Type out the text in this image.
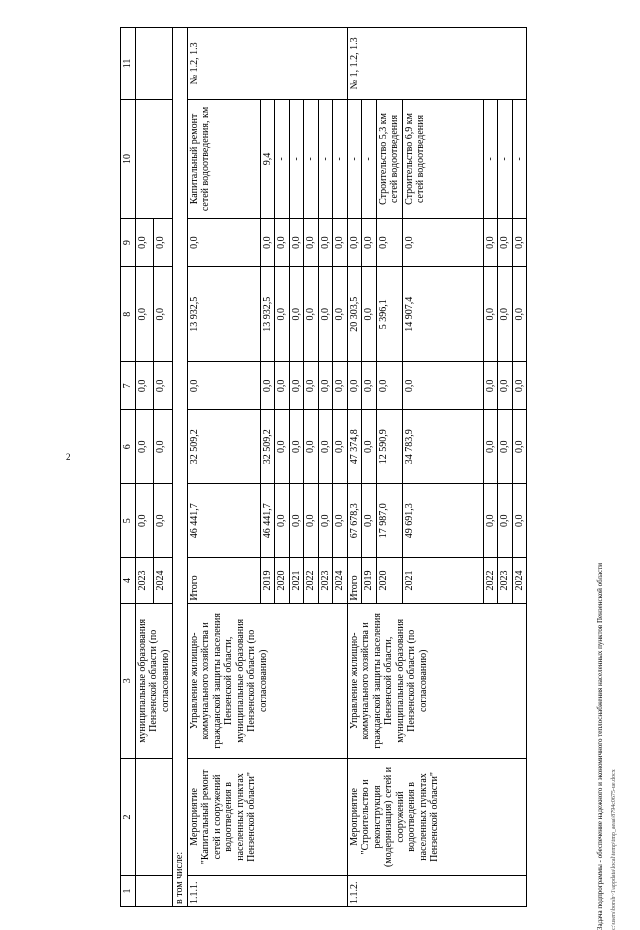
2
1	2	3	4	5	6	7	8	9	10	11
		муниципальные образования Пензенской области (по согласованию)	2023	0,0	0,0	0,0	0,0	0,0		
			2024	0,0	0,0	0,0	0,0	0,0		
в том числе:										
1.1.1.	Мероприятие "Капитальный ремонт сетей и сооружений водоотведения в населенных пунктах Пензенской области"	Управление жилищно-коммунального хозяйства и гражданской защиты населения Пензенской области, муниципальные образования Пензенской области (по согласованию)	Итого	46 441,7	32 509,2	0,0	13 932,5	0,0	Капитальный ремонт сетей водоотведения, км	№ 1.2, 1.3
			2019	46 441,7	32 509,2	0,0	13 932,5	0,0	9,4	
			2020	0,0	0,0	0,0	0,0	0,0	-	
			2021	0,0	0,0	0,0	0,0	0,0	-	
			2022	0,0	0,0	0,0	0,0	0,0	-	
			2023	0,0	0,0	0,0	0,0	0,0	-	
			2024	0,0	0,0	0,0	0,0	0,0	-	
1.1.2.	Мероприятие "Строительство и реконструкция (модернизация) сетей и сооружений водоотведения в населенных пунктах Пензенской области"	Управление жилищно-коммунального хозяйства и гражданской защиты населения Пензенской области, муниципальные образования Пензенской области (по согласованию)	Итого	67 678,3	47 374,8	0,0	20 303,5	0,0	-	№ 1, 1.2, 1.3
			2019	0,0	0,0	0,0	0,0	0,0	-	
			2020	17 987,0	12 590,9	0,0	5 396,1	0,0	Строительство 5,3 км сетей водоотведения	
			2021	49 691,3	34 783,9	0,0	14 907,4	0,0	Строительство 6,9 км сетей водоотведения	
			2022	0,0	0,0	0,0	0,0	0,0	-	
			2023	0,0	0,0	0,0	0,0	0,0	-	
			2024	0,0	0,0	0,0	0,0	0,0	-	
Задача подпрограммы - обеспечение надежного и экономичного теплоснабжения населенных пунктов Пензенской области	c:\users\borsh~1\appdata\local\temp\tmp_aeaa\8794c0675-ue.docx
